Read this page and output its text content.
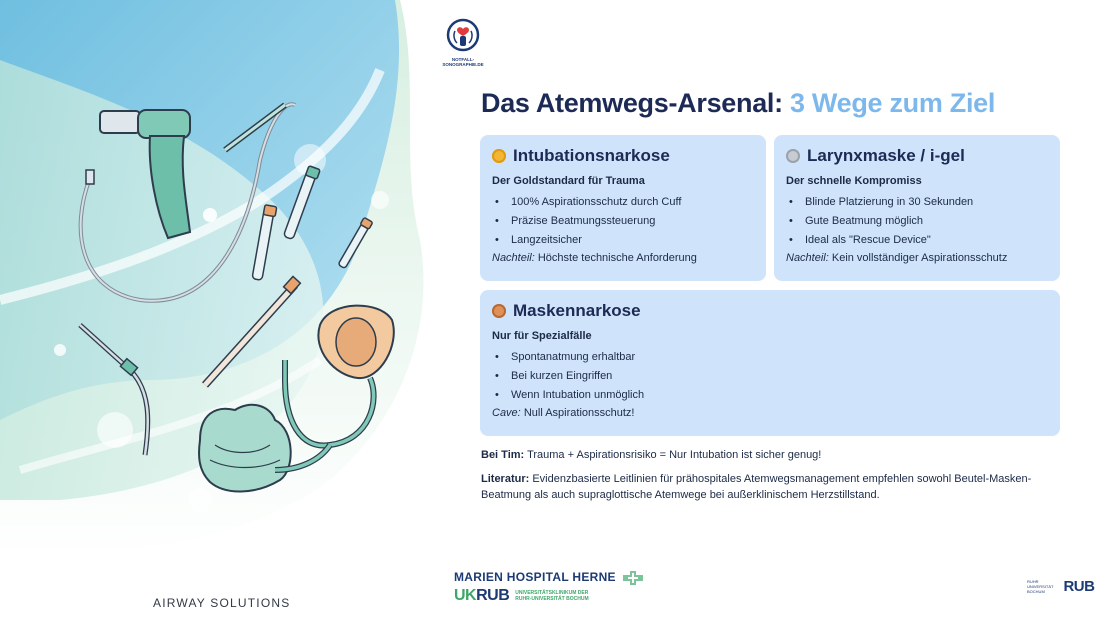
AIRWAY SOLUTIONS
NOTFALL-SONOGRAPHIE.DE
Das Atemwegs-Arsenal: 3 Wege zum Ziel
Intubationsnarkose
Der Goldstandard für Trauma
• 100% Aspirationsschutz durch Cuff
• Präzise Beatmungssteuerung
• Langzeitsicher
Nachteil: Höchste technische Anforderung
Larynxmaske / i-gel
Der schnelle Kompromiss
• Blinde Platzierung in 30 Sekunden
• Gute Beatmung möglich
• Ideal als "Rescue Device"
Nachteil: Kein vollständiger Aspirationsschutz
Maskennarkose
Nur für Spezialfälle
• Spontanatmung erhaltbar
• Bei kurzen Eingriffen
• Wenn Intubation unmöglich
Cave: Null Aspirationsschutz!
Bei Tim: Trauma + Aspirationsrisiko = Nur Intubation ist sicher genug!
Literatur: Evidenzbasierte Leitlinien für prähospitales Atemwegsmanagement empfehlen sowohl Beutel-Masken-Beatmung als auch supraglottische Atemwege bei außerklinischem Herzstillstand.
MARIEN HOSPITAL HERNE
UKRUB UNIVERSITÄTSKLINIKUM DER
RUHR-UNIVERSITÄT BOCHUM
RUHR
UNIVERSITÄT
BOCHUM	RUB
